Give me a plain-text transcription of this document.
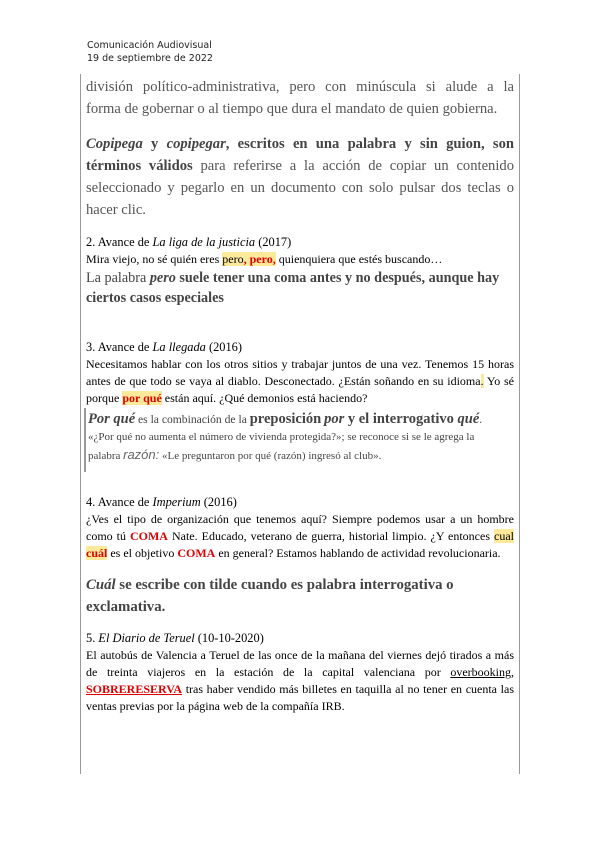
Comunicación Audiovisual
19 de septiembre de 2022
división político-administrativa, pero con minúscula si alude a la
forma de gobernar o al tiempo que dura el mandato de quien gobierna.
Copipega y copipegar, escritos en una palabra y sin guion, son términos válidos para referirse a la acción de copiar un contenido seleccionado y pegarlo en un documento con solo pulsar dos teclas o hacer clic.
2. Avance de La liga de la justicia (2017)
Mira viejo, no sé quién eres pero, pero, quienquiera que estés buscando…
La palabra pero suele tener una coma antes y no después, aunque hay ciertos casos especiales
3. Avance de La llegada (2016)
Necesitamos hablar con los otros sitios y trabajar juntos de una vez. Tenemos 15 horas antes de que todo se vaya al diablo. Desconectado. ¿Están soñando en su idioma. Yo sé porque por qué están aquí. ¿Qué demonios está haciendo?
Por qué es la combinación de la preposición por y el interrogativo qué.
«¿Por qué no aumenta el número de vivienda protegida?»; se reconoce si se le agrega la
palabra razón: «Le preguntaron por qué (razón) ingresó al club».
4. Avance de Imperium (2016)
¿Ves el tipo de organización que tenemos aquí? Siempre podemos usar a un hombre como tú COMA Nate. Educado, veterano de guerra, historial limpio. ¿Y entonces cual cuál es el objetivo COMA en general? Estamos hablando de actividad revolucionaria.
Cuál se escribe con tilde cuando es palabra interrogativa o exclamativa.
5. El Diario de Teruel (10-10-2020)
El autobús de Valencia a Teruel de las once de la mañana del viernes dejó tirados a más de treinta viajeros en la estación de la capital valenciana por overbooking, SOBRERESERVA tras haber vendido más billetes en taquilla al no tener en cuenta las ventas previas por la página web de la compañía IRB.
